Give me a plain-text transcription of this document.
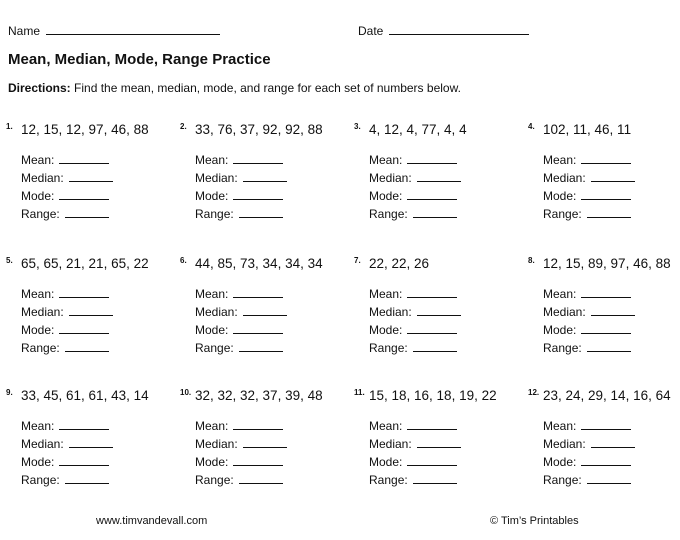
Name	Date
Mean, Median, Mode, Range Practice
Directions: Find the mean, median, mode, and range for each set of numbers below.
1. 12, 15, 12, 97, 46, 88
Mean:
Median:
Mode:
Range:
2. 33, 76, 37, 92, 92, 88
Mean:
Median:
Mode:
Range:
3. 4, 12, 4, 77, 4, 4
Mean:
Median:
Mode:
Range:
4. 102, 11, 46, 11
Mean:
Median:
Mode:
Range:
5. 65, 65, 21, 21, 65, 22
Mean:
Median:
Mode:
Range:
6. 44, 85, 73, 34, 34, 34
Mean:
Median:
Mode:
Range:
7. 22, 22, 26
Mean:
Median:
Mode:
Range:
8. 12, 15, 89, 97, 46, 88
Mean:
Median:
Mode:
Range:
9. 33, 45, 61, 61, 43, 14
Mean:
Median:
Mode:
Range:
10. 32, 32, 32, 37, 39, 48
Mean:
Median:
Mode:
Range:
11. 15, 18, 16, 18, 19, 22
Mean:
Median:
Mode:
Range:
12. 23, 24, 29, 14, 16, 64
Mean:
Median:
Mode:
Range:
www.timvandevall.com	© Tim’s Printables
